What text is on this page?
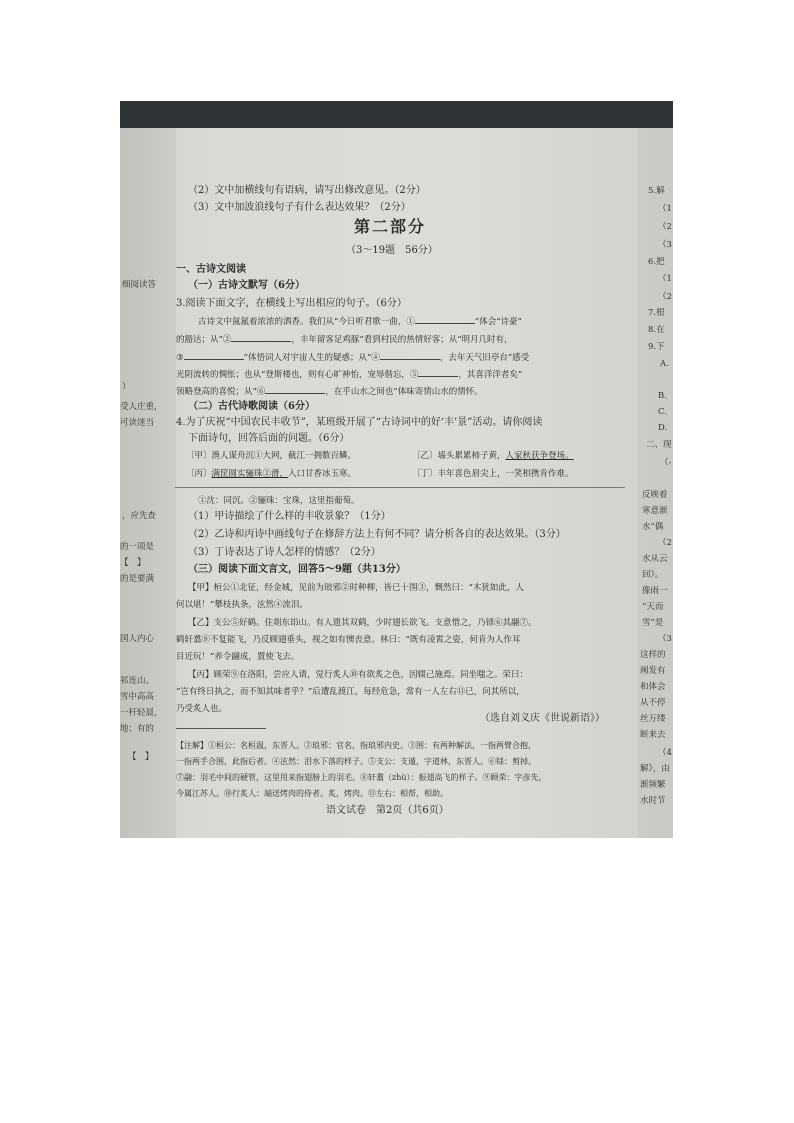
细阅读答
）
受人庄重，
可读迷当
，应先查
的一项是
【　】
的是要满
国人内心
祁连山。
雪中高高
一杆轻晨，
地；有的
【　】
5.解
（1
（2
（3
6.把
（1
（2
7.根
8.在
9.下
A.
B.
C.
D.
二、现
（-
反映着
寒意渐
水”偶
（2
水从云
回》。
像雨一
“天而
雪”是
（3
这样的
阐发有
和体会
从不停
丝万缕
断来去
（4
解》，由
渐频繁
水时节
（2）文中加横线句有语病，请写出修改意见。（2分）
（3）文中加波浪线句子有什么表达效果？（2分）
第二部分
（3～19题　56分）
一、古诗文阅读
（一）古诗文默写（6分）
3.阅读下面文字，在横线上写出相应的句子。（6分）
古诗文中氤氲着浓浓的酒香。我们从“今日听君歌一曲，①	”体会“诗豪”
的豁达；从“②	，丰年留客足鸡豚”看到村民的热情好客；从“明月几时有，
③	”体悟词人对宇宙人生的疑惑；从“④	，去年天气旧亭台”感受
光阴流转的惆怅；也从“登斯楼也，则有心旷神怡，宠辱偕忘，⑤	，其喜洋洋者矣”
领略登高的喜悦；从“⑥	，在乎山水之间也”体味寄情山水的情怀。
（二）古代诗歌阅读（6分）
4.为了庆祝“中国农民丰收节”，某班级开展了“古诗词中的好‘丰’景”活动。请你阅读
下面诗句，回答后面的问题。（6分）
〔甲〕渔人谋舟沉①大网，截江一拥数百鳞。	〔乙〕墙头累累柿子黄，人家秋获争登场。
〔丙〕满筐圆实骊珠②滑，入口甘香冰玉寒。	〔丁〕丰年喜色眉尖上，一笑相携肯作难。
①沈：同沉。②骊珠：宝珠，这里指葡萄。
（1）甲诗描绘了什么样的丰收景象？（1分）
（2）乙诗和丙诗中画线句子在修辞方法上有何不同？请分析各自的表达效果。（3分）
（3）丁诗表达了诗人怎样的情感？（2分）
（三）阅读下面文言文，回答5～9题（共13分）
【甲】桓公①北征，经金城，见前为琅邪②时种柳，皆已十围③，慨然曰：“木犹如此，人
何以堪！”攀枝执条，泫然④流泪。
【乙】支公⑤好鹤。住剡东岇山。有人遗其双鹤，少时翅长欲飞。支意惜之，乃铩⑥其翮⑦。
鹤轩翥⑧不复能飞，乃反顾翅垂头，视之如有懊丧意。林曰：“既有凌霄之姿，何肯为人作耳
目近玩！”养令翮成，置使飞去。
【丙】顾荣⑨在洛阳，尝应人请，觉行炙人⑩有欲炙之色，因辍己施焉。同坐嗤之。荣曰：
“岂有终日执之，而不知其味者乎？”后遭乱渡江，每经危急，常有一人左右⑪已，问其所以，
乃受炙人也。
（选自刘义庆《世说新语》）
【注解】①桓公：名桓温，东晋人。②琅邪：官名，指琅邪内史。③围：有两种解法，一指两臂合抱，
一指两手合围，此指后者。④泫然：泪水下落的样子。⑤支公：支遁，字道林，东晋人。⑥铩：剪掉。
⑦翮：羽毛中间的硬管，这里用来指翅膀上的羽毛。⑧轩翥（zhù）：振翅高飞的样子。⑨顾荣：字彦先，
今属江苏人。⑩行炙人：端送烤肉的侍者。炙，烤肉。⑪左右：相帮，相助。
语文试卷　第2页（共6页）
